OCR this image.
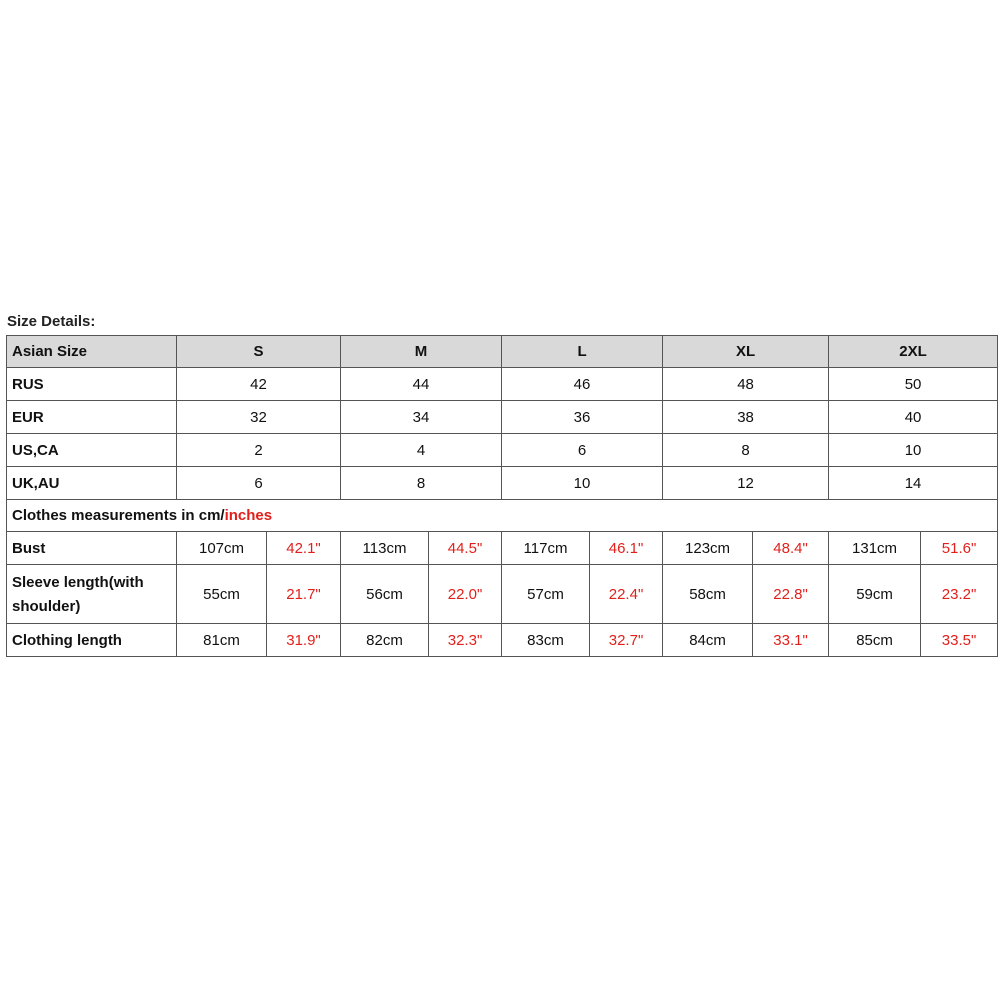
Size Details:
Asian Size	S		M		L		XL		2XL	
RUS	42		44		46		48		50	
EUR	32		34		36		38		40	
US,CA	2		4		6		8		10	
UK,AU	6		8		10		12		14	
Clothes measurements in cm/inches										
Bust	107cm	42.1"	113cm	44.5"	117cm	46.1"	123cm	48.4"	131cm	51.6"
Sleeve length(with shoulder)	55cm	21.7"	56cm	22.0"	57cm	22.4"	58cm	22.8"	59cm	23.2"
Clothing length	81cm	31.9"	82cm	32.3"	83cm	32.7"	84cm	33.1"	85cm	33.5"
